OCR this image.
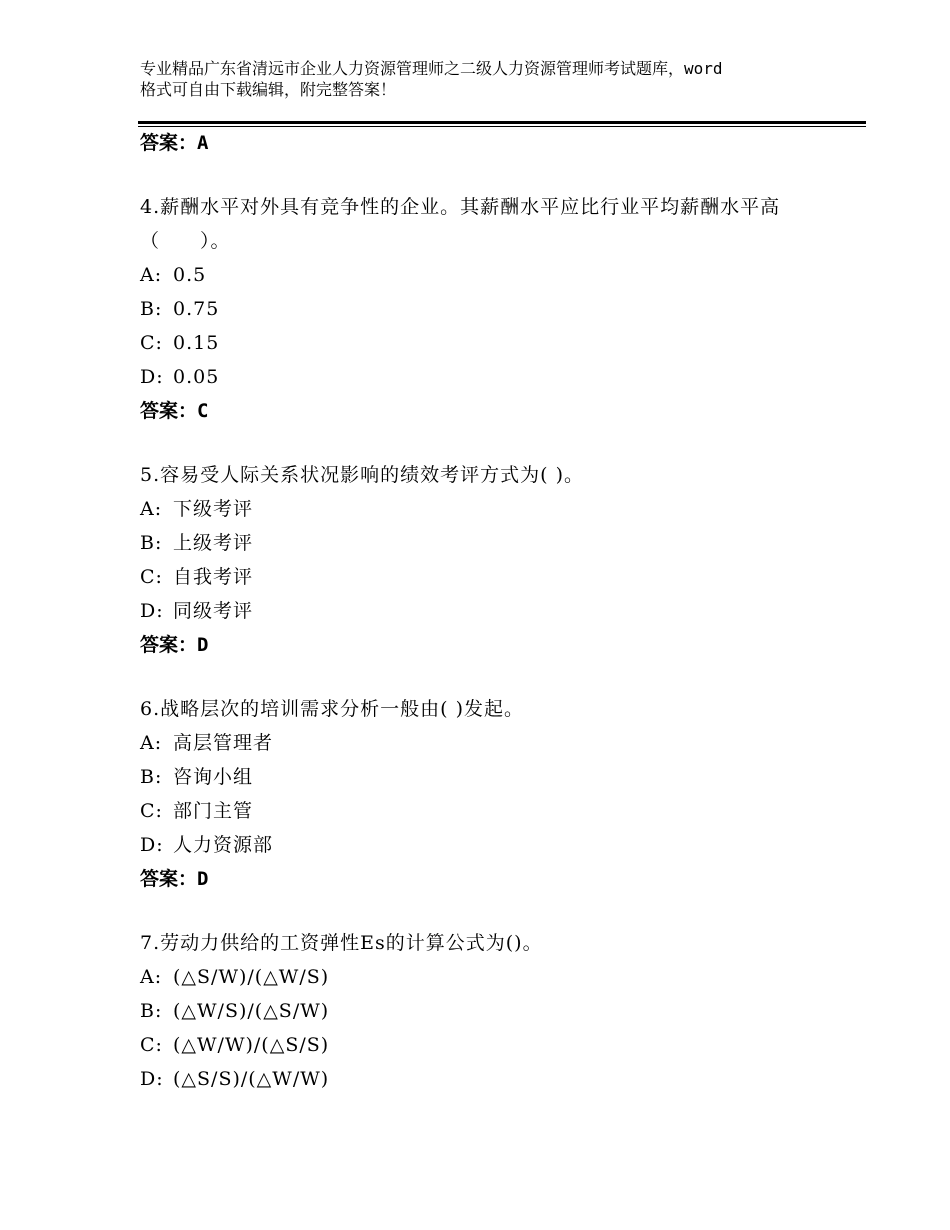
专业精品广东省清远市企业人力资源管理师之二级人力资源管理师考试题库，word
格式可自由下载编辑，附完整答案！
答案：A
4.薪酬水平对外具有竞争性的企业。其薪酬水平应比行业平均薪酬水平高（　　）。
A: 0.5
B: 0.75
C: 0.15
D: 0.05
答案：C
5.容易受人际关系状况影响的绩效考评方式为( )。
A: 下级考评
B: 上级考评
C: 自我考评
D: 同级考评
答案：D
6.战略层次的培训需求分析一般由( )发起。
A: 高层管理者
B: 咨询小组
C: 部门主管
D: 人力资源部
答案：D
7.劳动力供给的工资弹性Es的计算公式为()。
A: (△S/W)/(△W/S)
B: (△W/S)/(△S/W)
C: (△W/W)/(△S/S)
D: (△S/S)/(△W/W)
